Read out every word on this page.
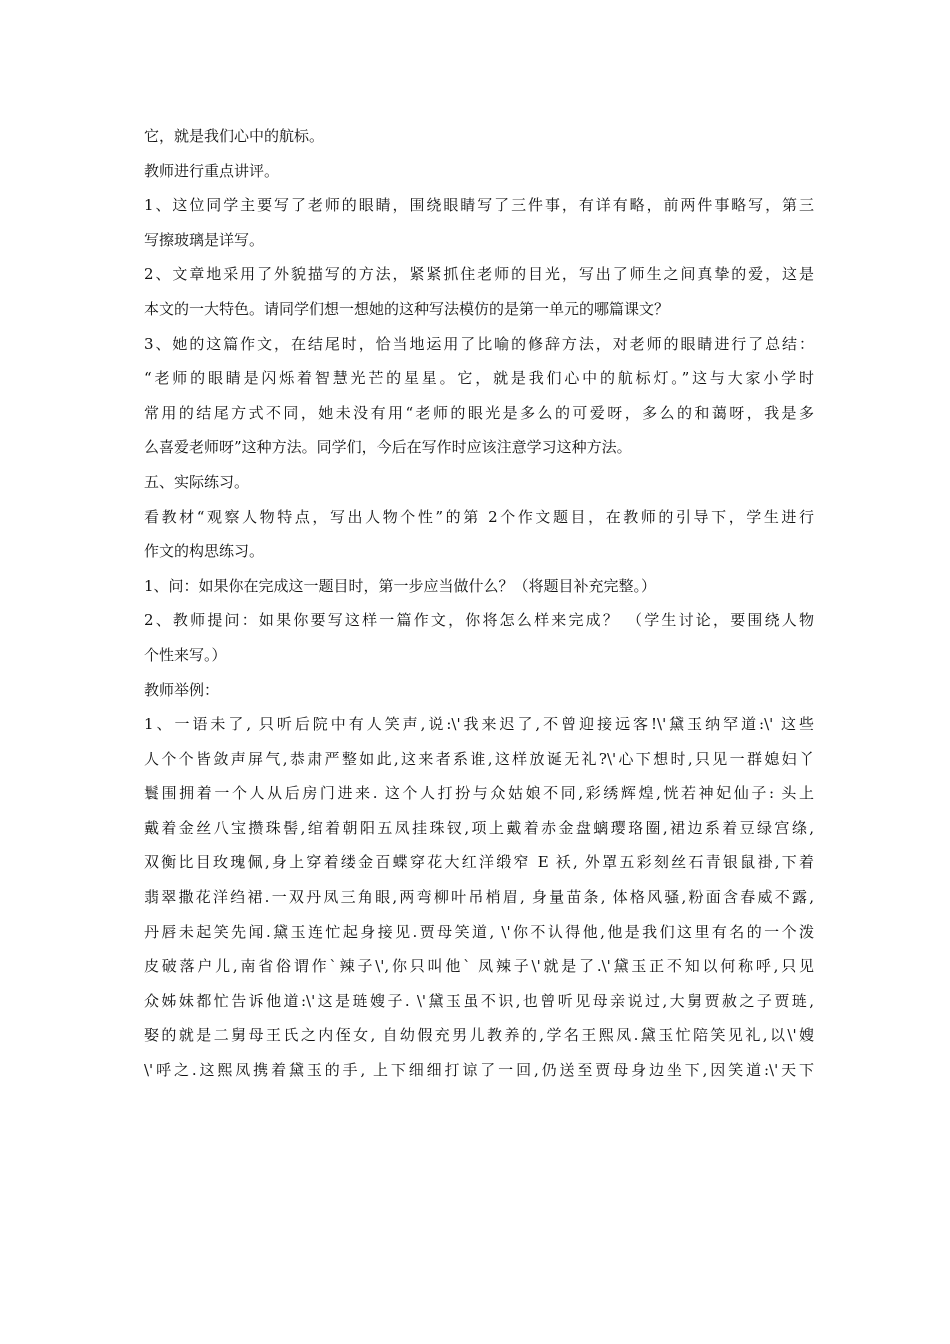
它，就是我们心中的航标。
教师进行重点讲评。
1、这位同学主要写了老师的眼睛，围绕眼睛写了三件事，有详有略，前两件事略写，第三
写擦玻璃是详写。
2、文章地采用了外貌描写的方法，紧紧抓住老师的目光，写出了师生之间真挚的爱，这是
本文的一大特色。请同学们想一想她的这种写法模仿的是第一单元的哪篇课文？
3、她的这篇作文，在结尾时，恰当地运用了比喻的修辞方法，对老师的眼睛进行了总结：
“老师的眼睛是闪烁着智慧光芒的星星。它，就是我们心中的航标灯。”这与大家小学时
常用的结尾方式不同，她未没有用“老师的眼光是多么的可爱呀，多么的和蔼呀，我是多
么喜爱老师呀”这种方法。同学们，今后在写作时应该注意学习这种方法。
五、实际练习。
看教材“观察人物特点，写出人物个性”的第 2个作文题目，在教师的引导下，学生进行
作文的构思练习。
1、问：如果你在完成这一题目时，第一步应当做什么？（将题目补充完整。）
2、教师提问：如果你要写这样一篇作文，你将怎么样来完成？ （学生讨论，要围绕人物
个性来写。）
教师举例：
1、一语未了, 只听后院中有人笑声,说:\'我来迟了,不曾迎接远客!\'黛玉纳罕道:\' 这些
人个个皆敛声屏气,恭肃严整如此,这来者系谁,这样放诞无礼?\'心下想时,只见一群媳妇丫
鬟围拥着一个人从后房门进来. 这个人打扮与众姑娘不同,彩绣辉煌,恍若神妃仙子: 头上
戴着金丝八宝攒珠髻,绾着朝阳五凤挂珠钗,项上戴着赤金盘螭璎珞圈,裙边系着豆绿宫绦,
双衡比目玫瑰佩,身上穿着缕金百蝶穿花大红洋缎窄 E 袄, 外罩五彩刻丝石青银鼠褂,下着
翡翠撒花洋绉裙.一双丹凤三角眼,两弯柳叶吊梢眉, 身量苗条, 体格风骚,粉面含春威不露,
丹唇未起笑先闻.黛玉连忙起身接见.贾母笑道, \'你不认得他,他是我们这里有名的一个泼
皮破落户儿,南省俗谓作`辣子\',你只叫他` 凤辣子\'就是了.\'黛玉正不知以何称呼,只见
众姊妹都忙告诉他道:\'这是琏嫂子. \'黛玉虽不识,也曾听见母亲说过,大舅贾赦之子贾琏,
娶的就是二舅母王氏之内侄女, 自幼假充男儿教养的,学名王熙凤.黛玉忙陪笑见礼,以\'嫂
\'呼之.这熙凤携着黛玉的手, 上下细细打谅了一回,仍送至贾母身边坐下,因笑道:\'天下
